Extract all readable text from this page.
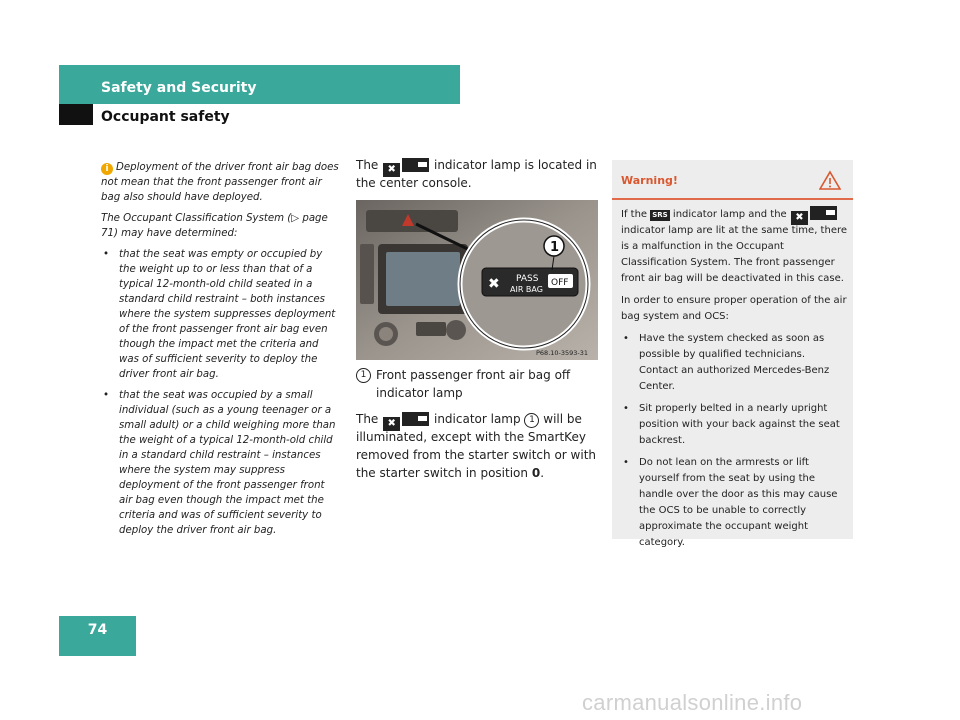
Safety and Security
Occupant safety

i Deployment of the driver front air bag does not mean that the front passenger front air bag also should have deployed.

The Occupant Classification System (▷ page 71) may have determined:

• that the seat was empty or occupied by the weight up to or less than that of a typical 12-month-old child seated in a standard child restraint – both instances where the system suppresses deployment of the front passenger front air bag even though the impact met the criteria and was of sufficient severity to deploy the driver front air bag.
• that the seat was occupied by a small individual (such as a young teenager or a small adult) or a child weighing more than the weight of a typical 12-month-old child in a standard child restraint – instances where the system may suppress deployment of the front passenger front air bag even though the impact met the criteria and was of sufficient severity to deploy the driver front air bag.

The ✖	indicator lamp is located in the center console.

✖ PASS
AIR BAG
OFF
1
P68.10-3593-31
1 Front passenger front air bag off indicator lamp

The ✖	indicator lamp 1 will be illuminated, except with the SmartKey removed from the starter switch or with the starter switch in position 0.

Warning!

If the SRS indicator lamp and the ✖
indicator lamp are lit at the same time, there is a malfunction in the Occupant Classification System. The front passenger front air bag will be deactivated in this case.

In order to ensure proper operation of the air bag system and OCS:

• Have the system checked as soon as possible by qualified technicians. Contact an authorized Mercedes-Benz Center.
• Sit properly belted in a nearly upright position with your back against the seat backrest.
• Do not lean on the armrests or lift yourself from the seat by using the handle over the door as this may cause the OCS to be unable to correctly approximate the occupant weight category.
74
carmanualsonline.info
